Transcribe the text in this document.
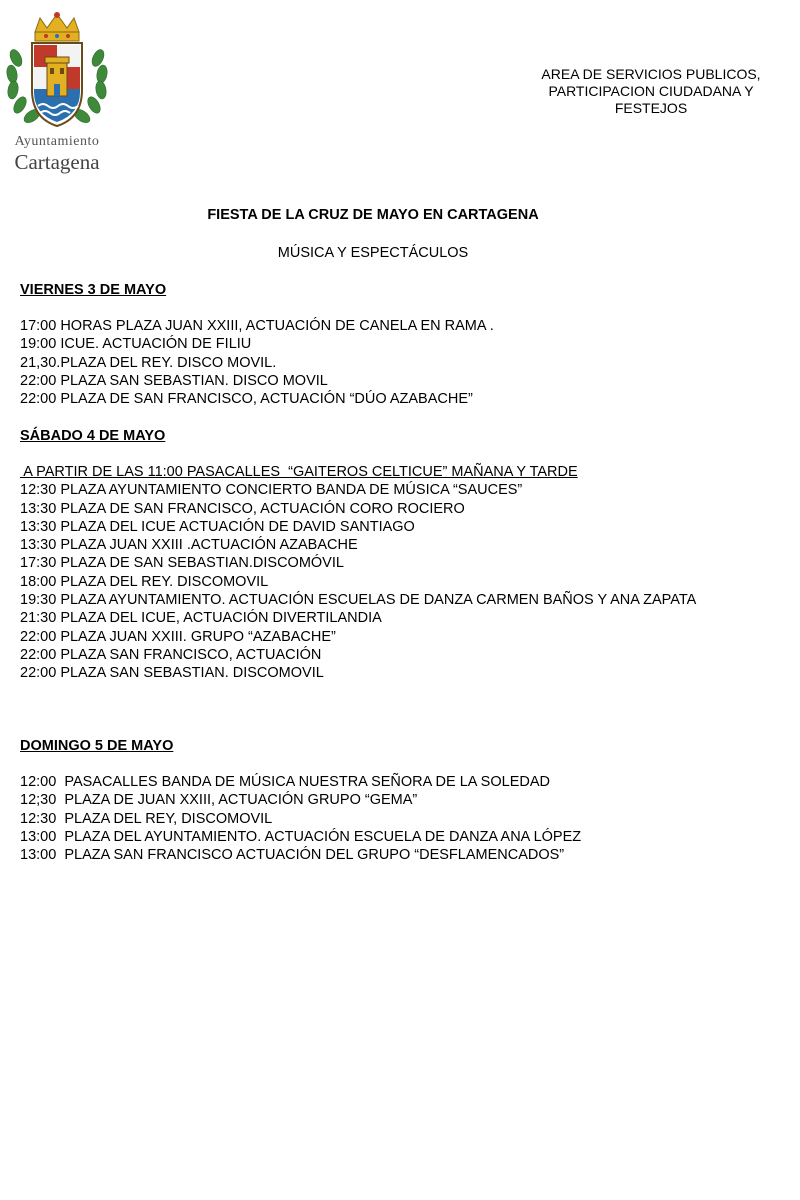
Ayuntamiento
Cartagena
AREA DE SERVICIOS PUBLICOS,
PARTICIPACION CIUDADANA Y
FESTEJOS
FIESTA DE LA CRUZ DE MAYO EN CARTAGENA
MÚSICA Y ESPECTÁCULOS
VIERNES 3 DE MAYO
17:00 HORAS PLAZA JUAN XXIII, ACTUACIÓN DE CANELA EN RAMA .
19:00 ICUE. ACTUACIÓN DE FILIU
21,30.PLAZA DEL REY. DISCO MOVIL.
22:00 PLAZA SAN SEBASTIAN. DISCO MOVIL
22:00 PLAZA DE SAN FRANCISCO, ACTUACIÓN “DÚO AZABACHE”
SÁBADO 4 DE MAYO
A PARTIR DE LAS 11:00 PASACALLES  “GAITEROS CELTICUE” MAÑANA Y TARDE
12:30 PLAZA AYUNTAMIENTO CONCIERTO BANDA DE MÚSICA “SAUCES”
13:30 PLAZA DE SAN FRANCISCO, ACTUACIÓN CORO ROCIERO
13:30 PLAZA DEL ICUE ACTUACIÓN DE DAVID SANTIAGO
13:30 PLAZA JUAN XXIII .ACTUACIÓN AZABACHE
17:30 PLAZA DE SAN SEBASTIAN.DISCOMÓVIL
18:00 PLAZA DEL REY. DISCOMOVIL
19:30 PLAZA AYUNTAMIENTO. ACTUACIÓN ESCUELAS DE DANZA CARMEN BAÑOS Y ANA ZAPATA
21:30 PLAZA DEL ICUE, ACTUACIÓN DIVERTILANDIA
22:00 PLAZA JUAN XXIII. GRUPO “AZABACHE”
22:00 PLAZA SAN FRANCISCO, ACTUACIÓN
22:00 PLAZA SAN SEBASTIAN. DISCOMOVIL
DOMINGO 5 DE MAYO
12:00  PASACALLES BANDA DE MÚSICA NUESTRA SEÑORA DE LA SOLEDAD
12;30  PLAZA DE JUAN XXIII, ACTUACIÓN GRUPO “GEMA”
12:30  PLAZA DEL REY, DISCOMOVIL
13:00  PLAZA DEL AYUNTAMIENTO. ACTUACIÓN ESCUELA DE DANZA ANA LÓPEZ
13:00  PLAZA SAN FRANCISCO ACTUACIÓN DEL GRUPO “DESFLAMENCADOS”
